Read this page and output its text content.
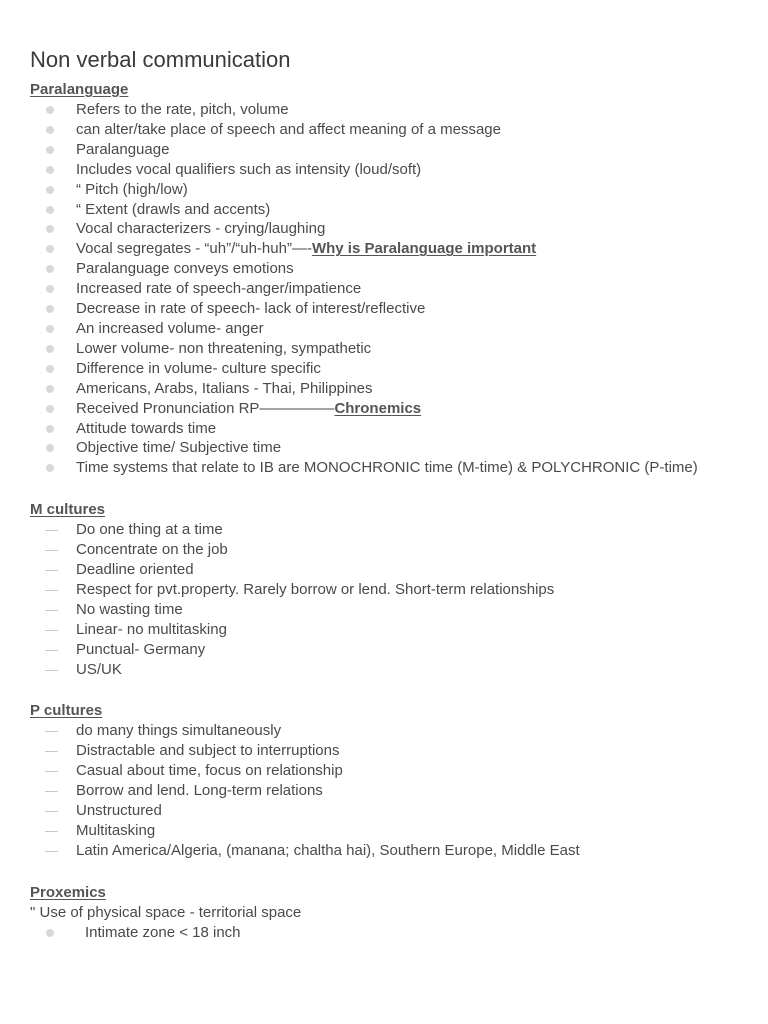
Non verbal communication
Paralanguage
Refers to the rate, pitch, volume
can alter/take place of speech and affect meaning of a message
Paralanguage
Includes vocal qualifiers such as intensity (loud/soft)
“ Pitch (high/low)
“ Extent (drawls and accents)
Vocal characterizers - crying/laughing
Vocal segregates - “uh”/“uh-huh”—-Why is Paralanguage important
Paralanguage conveys emotions
Increased rate of speech-anger/impatience
Decrease in rate of speech- lack of interest/reflective
An increased volume- anger
Lower volume- non threatening, sympathetic
Difference in volume- culture specific
Americans, Arabs, Italians - Thai, Philippines
Received Pronunciation RP—————Chronemics
Attitude towards time
Objective time/ Subjective time
Time systems that relate to IB are MONOCHRONIC time (M-time) & POLYCHRONIC (P-time)
M cultures
Do one thing at a time
Concentrate on the job
Deadline oriented
Respect for pvt.property. Rarely borrow or lend. Short-term relationships
No wasting time
Linear- no multitasking
Punctual- Germany
US/UK
P cultures
do many things simultaneously
Distractable and subject to interruptions
Casual about time, focus on relationship
Borrow and lend. Long-term relations
Unstructured
Multitasking
Latin America/Algeria, (manana; chaltha hai), Southern Europe, Middle East
Proxemics
" Use of physical space - territorial space
Intimate zone < 18 inch
